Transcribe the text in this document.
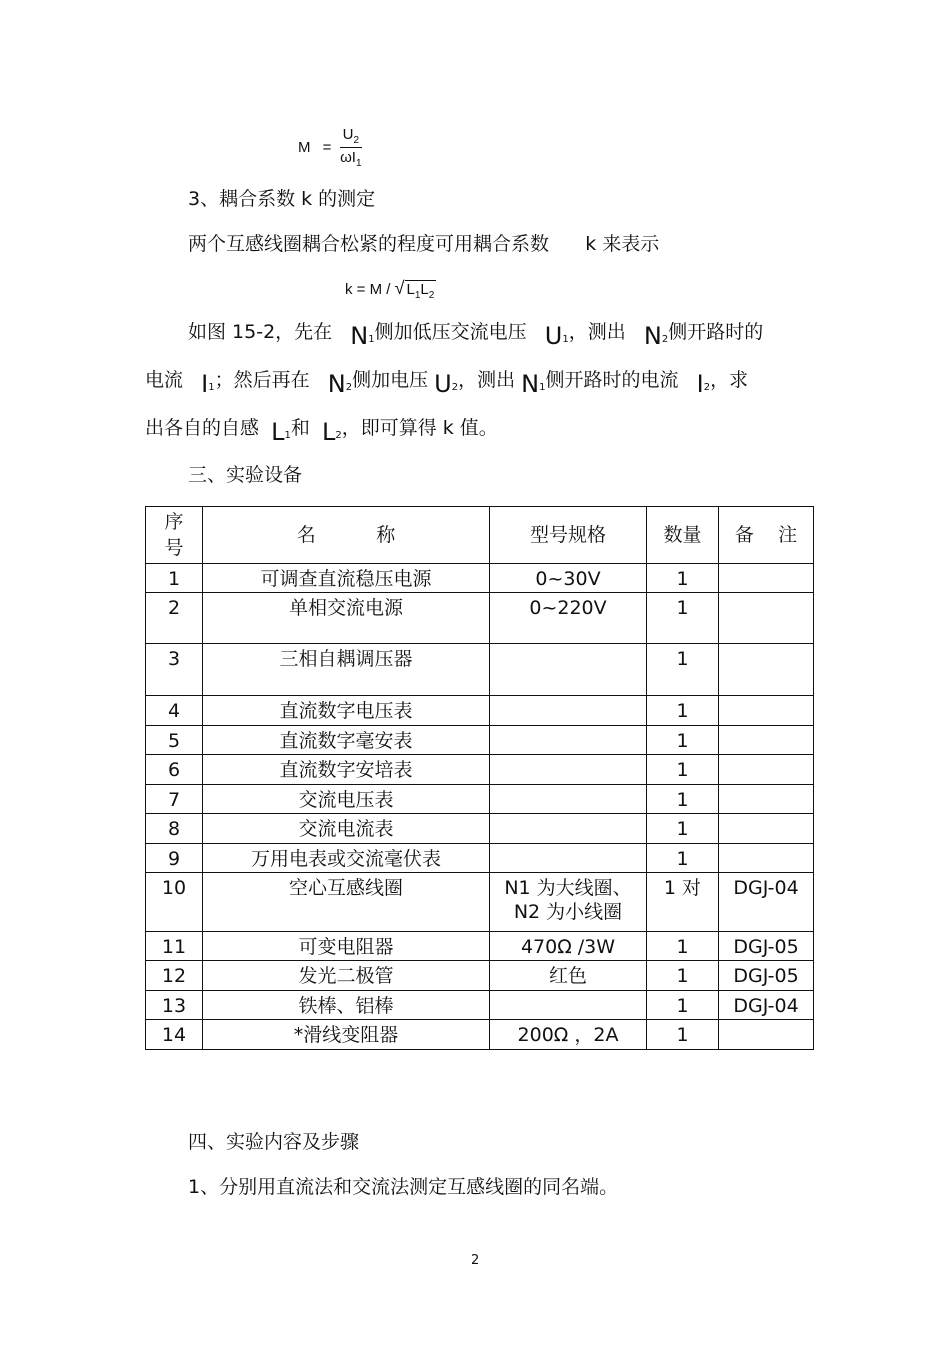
$M = \frac{U_2}{\omega I_1}$
3、耦合系数 k 的测定
两个互感线圈耦合松紧的程度可用耦合系数      k 来表示
k = M / √ $L_1L_2$
如图 15-2，先在 $N_1$侧加低压交流电压 $U_1$，测出 $N_2$侧开路时的
电流 $I_1$；然后再在 $N_2$侧加电压 $U_2$，测出 $N_1$侧开路时的电流 $I_2$，求
出各自的自感 $L_1$和 $L_2$，即可算得 k 值。
三、实验设备
序号	名          称	型号规格	数量	备    注
1	可调查直流稳压电源	0~30V	1	
2	单相交流电源	0~220V	1	
3	三相自耦调压器		1	
4	直流数字电压表		1	
5	直流数字毫安表		1	
6	直流数字安培表		1	
7	交流电压表		1	
8	交流电流表		1	
9	万用电表或交流毫伏表		1	
10	空心互感线圈	N1 为大线圈、N2 为小线圈	1 对	DGJ-04
11	可变电阻器	470Ω /3W	1	DGJ-05
12	发光二极管	红色	1	DGJ-05
13	铁棒、铝棒		1	DGJ-04
14	*滑线变阻器	200Ω ，2A	1	
四、实验内容及步骤
1、分别用直流法和交流法测定互感线圈的同名端。
2
